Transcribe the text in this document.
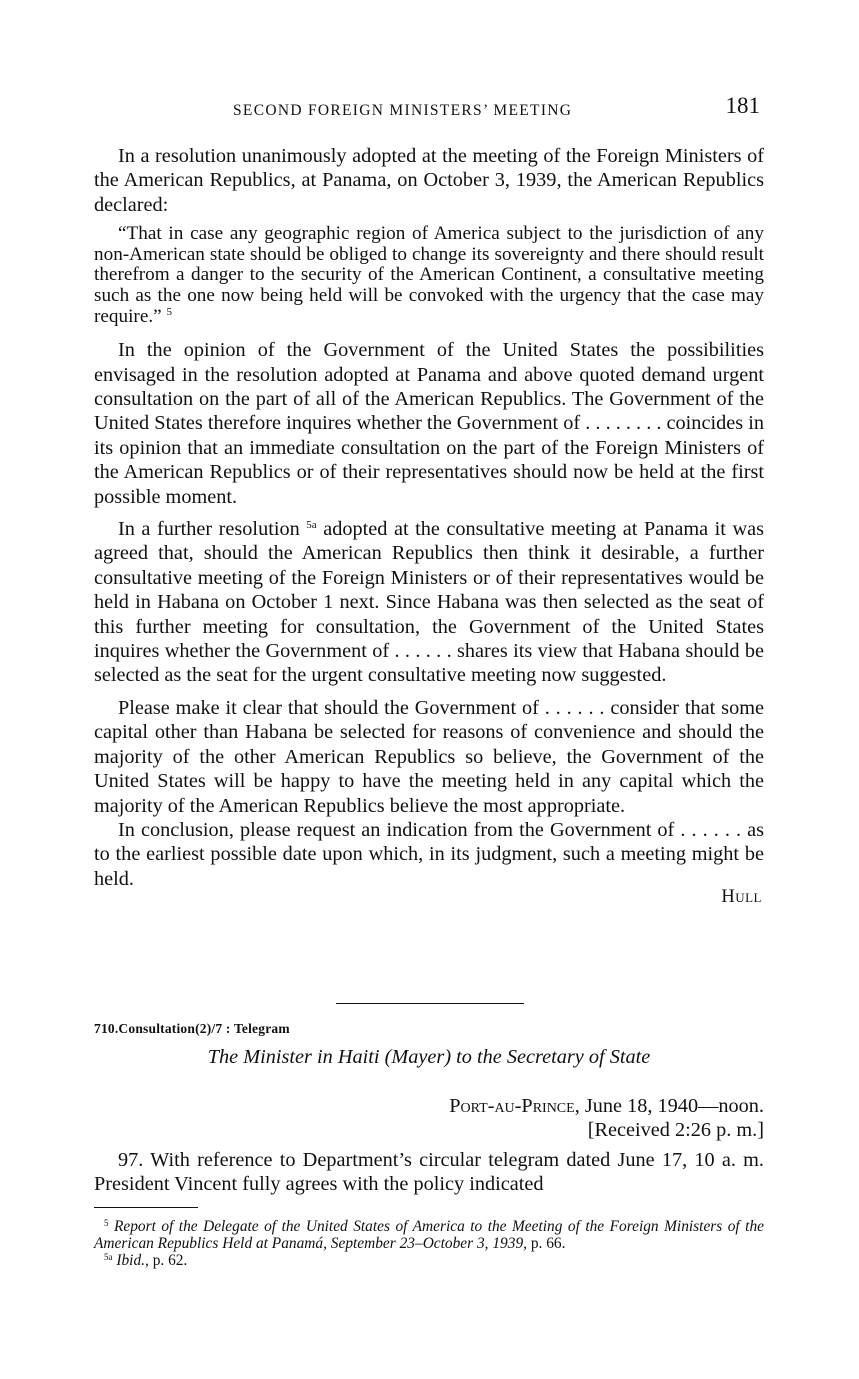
SECOND FOREIGN MINISTERS’ MEETING	181

In a resolution unanimously adopted at the meeting of the Foreign Ministers of the American Republics, at Panama, on October 3, 1939, the American Republics declared:

“That in case any geographic region of America subject to the jurisdiction of any non-American state should be obliged to change its sovereignty and there should result therefrom a danger to the security of the American Continent, a consultative meeting such as the one now being held will be convoked with the urgency that the case may require.” $^5$

In the opinion of the Government of the United States the possibilities envisaged in the resolution adopted at Panama and above quoted demand urgent consultation on the part of all of the American Republics. The Government of the United States therefore inquires whether the Government of . . . . . . . . coincides in its opinion that an immediate consultation on the part of the Foreign Ministers of the American Republics or of their representatives should now be held at the first possible moment.

In a further resolution $^{5a}$ adopted at the consultative meeting at Panama it was agreed that, should the American Republics then think it desirable, a further consultative meeting of the Foreign Ministers or of their representatives would be held in Habana on October 1 next. Since Habana was then selected as the seat of this further meeting for consultation, the Government of the United States inquires whether the Government of . . . . . . shares its view that Habana should be selected as the seat for the urgent consultative meeting now suggested.

Please make it clear that should the Government of . . . . . . consider that some capital other than Habana be selected for reasons of convenience and should the majority of the other American Republics so believe, the Government of the United States will be happy to have the meeting held in any capital which the majority of the American Republics believe the most appropriate.

In conclusion, please request an indication from the Government of . . . . . . as to the earliest possible date upon which, in its judgment, such a meeting might be held.

Hull
710.Consultation(2)/7 : Telegram
The Minister in Haiti (Mayer) to the Secretary of State
Port-au-Prince, June 18, 1940—noon.
[Received 2:26 p. m.]

97. With reference to Department’s circular telegram dated June 17, 10 a. m. President Vincent fully agrees with the policy indicated

$^5$ Report of the Delegate of the United States of America to the Meeting of the Foreign Ministers of the American Republics Held at Panamá, September 23–October 3, 1939, p. 66.

$^{5a}$ Ibid., p. 62.
